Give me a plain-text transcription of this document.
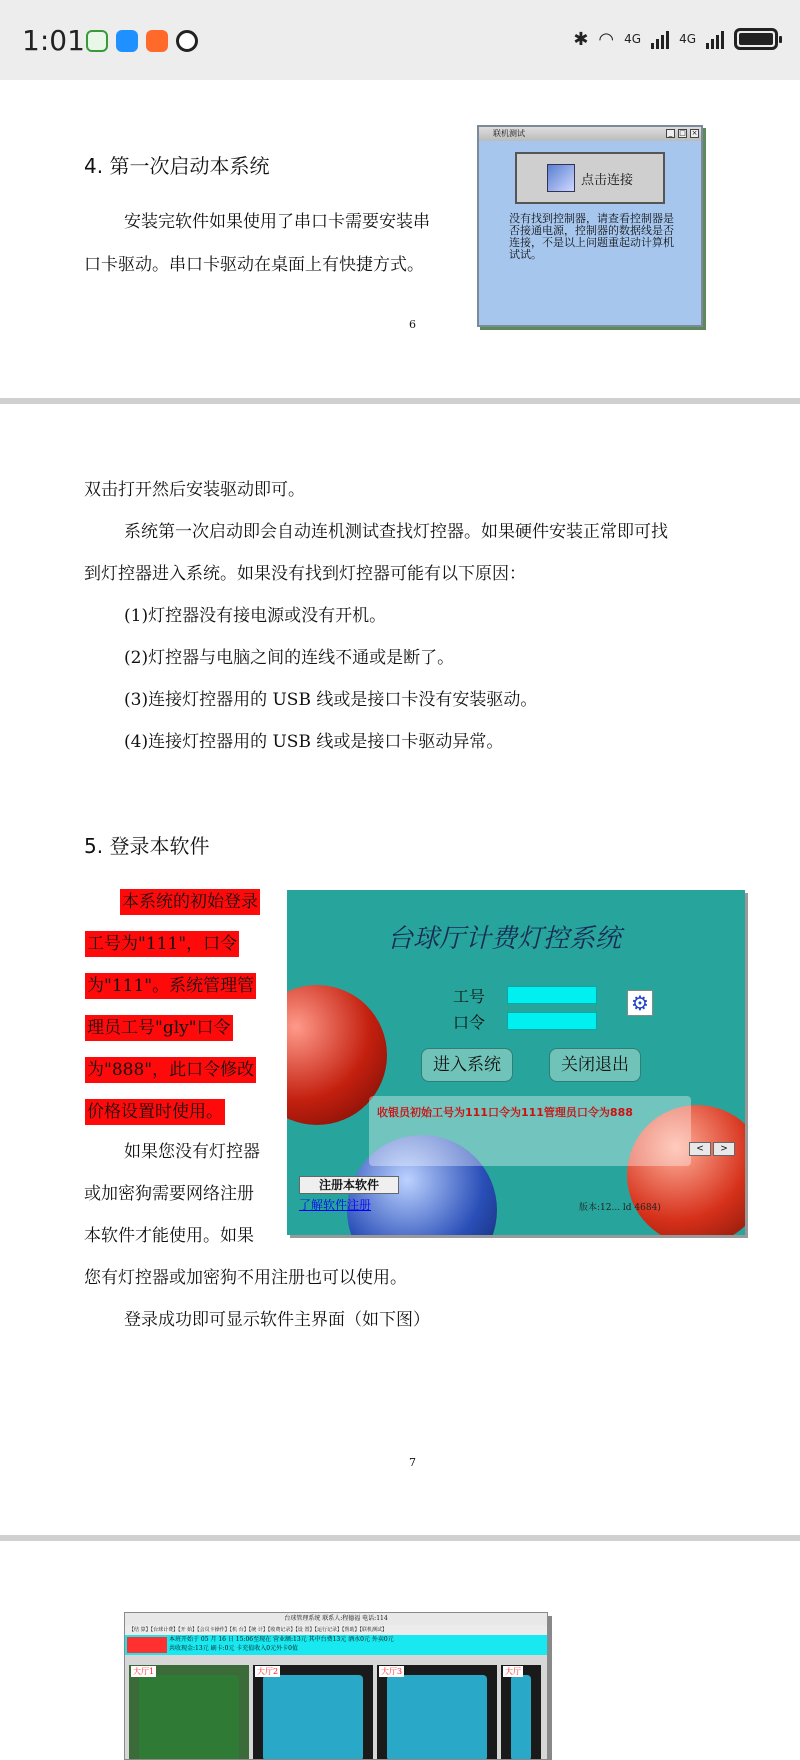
1:01	✱ ◠ 4G	4G
4. 第一次启动本系统
安装完软件如果使用了串口卡需要安装串
口卡驱动。串口卡驱动在桌面上有快捷方式。
6
联机测试	_ □ ×
点击连接
没有找到控制器，请查看控制器是否接通电源，控制器的数据线是否连接，不是以上问题重起动计算机试试。
双击打开然后安装驱动即可。
系统第一次启动即会自动连机测试查找灯控器。如果硬件安装正常即可找
到灯控器进入系统。如果没有找到灯控器可能有以下原因：
(1)灯控器没有接电源或没有开机。
(2)灯控器与电脑之间的连线不通或是断了。
(3)连接灯控器用的 USB 线或是接口卡没有安装驱动。
(4)连接灯控器用的 USB 线或是接口卡驱动异常。
5. 登录本软件
本系统的初始登录
工号为"111"，口令
为"111"。系统管理管
理员工号"gly"口令
为"888"，此口令修改
价格设置时使用。
如果您没有灯控器
或加密狗需要网络注册
本软件才能使用。如果
您有灯控器或加密狗不用注册也可以使用。
登录成功即可显示软件主界面（如下图）
台球厅计费灯控系统
工号
口令
⚙
进入系统	关闭退出
收银员初始工号为111口令为111管理员口令为888
<	>
注册本软件
了解软件注册	版本:12... ld 4684)
7
台球管理系统 联系人:程德福 电话:114
【结 算】【台球计费】【开 始】【会员卡操作】【机 台】【统 计】【收费记录】【设 置】【运行记录】【帮助】【联机测试】
本班开始于 05 月 16 日 15:06至现在 营业额:13元 其中台费13元 酒水0元 外卖0元
共收现金:13元 刷卡:0元 卡充值收入0元外卡0值
大厅1	大厅2	大厅3	大厅
